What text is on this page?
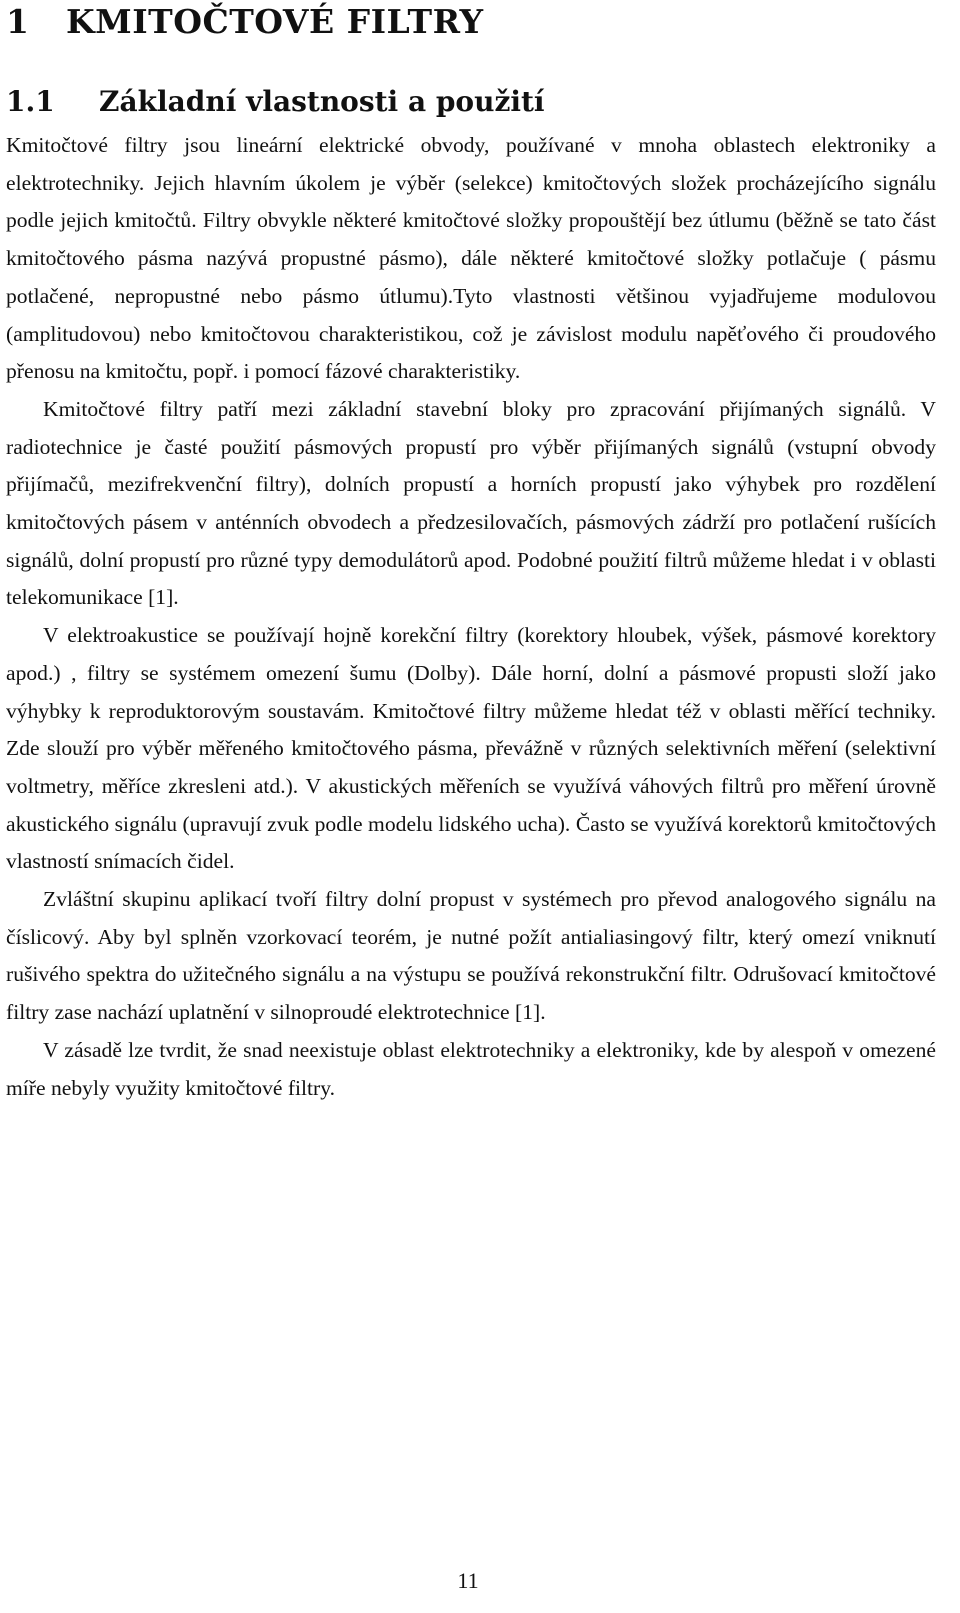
1 KMITOČTOVÉ FILTRY
1.1 Základní vlastnosti a použití

Kmitočtové filtry jsou lineární elektrické obvody, používané v mnoha oblastech elektroniky a elektrotechniky. Jejich hlavním úkolem je výběr (selekce) kmitočtových složek procházejícího signálu podle jejich kmitočtů. Filtry obvykle některé kmitočtové složky propouštějí bez útlumu (běžně se tato část kmitočtového pásma nazývá propustné pásmo), dále některé kmitočtové složky potlačuje ( pásmu potlačené, nepropustné nebo pásmo útlumu).Tyto vlastnosti většinou vyjadřujeme modulovou (amplitudovou) nebo kmitočtovou charakteristikou, což je závislost modulu napěťového či proudového přenosu na kmitočtu, popř. i pomocí fázové charakteristiky.

Kmitočtové filtry patří mezi základní stavební bloky pro zpracování přijímaných signálů. V radiotechnice je časté použití pásmových propustí pro výběr přijímaných signálů (vstupní obvody přijímačů, mezifrekvenční filtry), dolních propustí a horních propustí jako výhybek pro rozdělení kmitočtových pásem v anténních obvodech a předzesilovačích, pásmových zádrží pro potlačení rušících signálů, dolní propustí pro různé typy demodulátorů apod. Podobné použití filtrů můžeme hledat i v oblasti telekomunikace [1].

V elektroakustice se používají hojně korekční filtry (korektory hloubek, výšek, pásmové korektory apod.) , filtry se systémem omezení šumu (Dolby). Dále horní, dolní a pásmové propusti složí jako výhybky k reproduktorovým soustavám. Kmitočtové filtry můžeme hledat též v oblasti měřící techniky. Zde slouží pro výběr měřeného kmitočtového pásma, převážně v různých selektivních měření (selektivní voltmetry, měříce zkresleni atd.). V akustických měřeních se využívá váhových filtrů pro měření úrovně akustického signálu (upravují zvuk podle modelu lidského ucha). Často se využívá korektorů kmitočtových vlastností snímacích čidel.

Zvláštní skupinu aplikací tvoří filtry dolní propust v systémech pro převod analogového signálu na číslicový. Aby byl splněn vzorkovací teorém, je nutné požít antialiasingový filtr, který omezí vniknutí rušivého spektra do užitečného signálu a na výstupu se používá rekonstrukční filtr. Odrušovací kmitočtové filtry zase nachází uplatnění v silnoproudé elektrotechnice [1].

V zásadě lze tvrdit, že snad neexistuje oblast elektrotechniky a elektroniky, kde by alespoň v omezené míře nebyly využity kmitočtové filtry.

11
